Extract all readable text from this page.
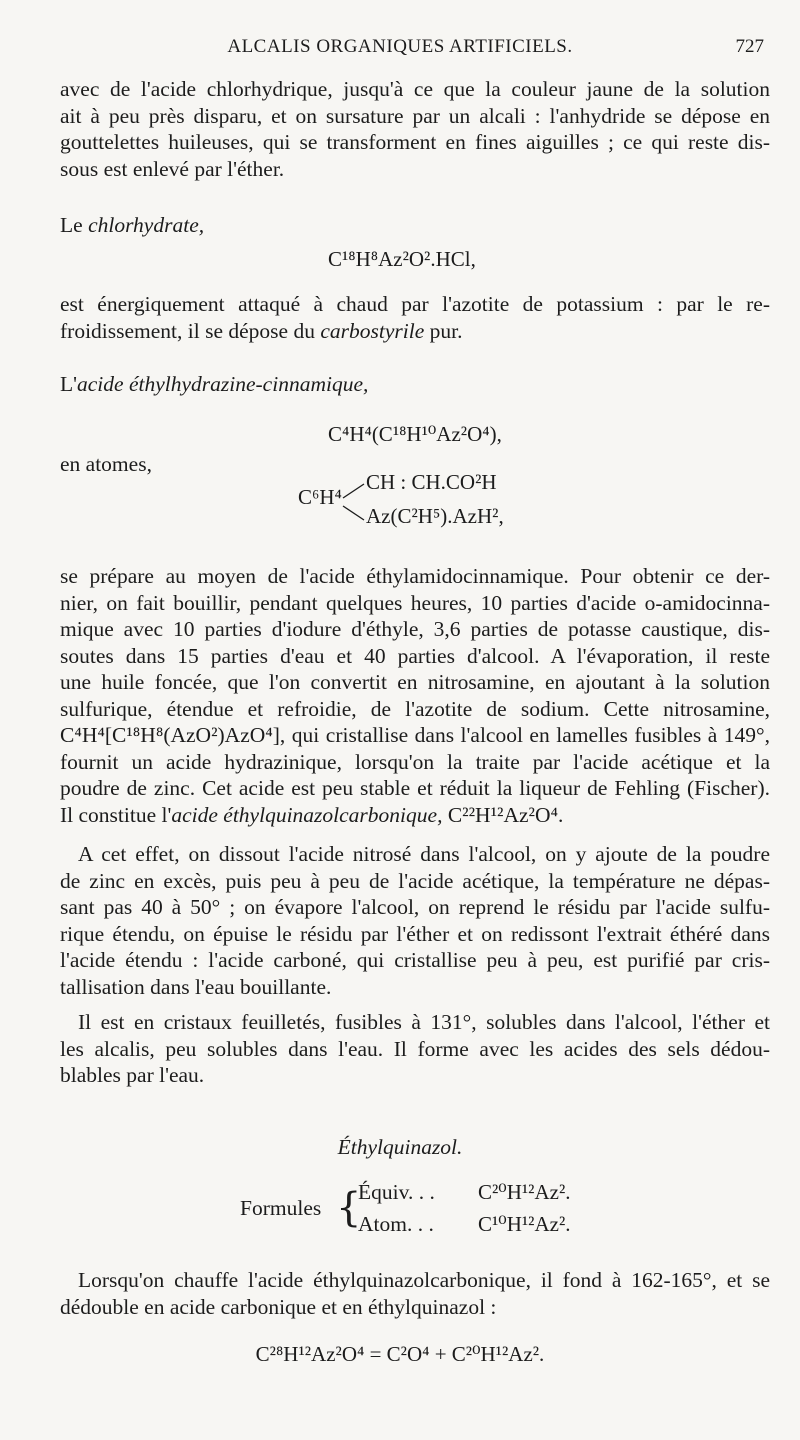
ALCALIS ORGANIQUES ARTIFICIELS.	727
avec de l'acide chlorhydrique, jusqu'à ce que la couleur jaune de la solution
ait à peu près disparu, et on sursature par un alcali : l'anhydride se dépose en
gouttelettes huileuses, qui se transforment en fines aiguilles ; ce qui reste dis-
sous est enlevé par l'éther.
Le chlorhydrate,
C¹⁸H⁸Az²O².HCl,
est énergiquement attaqué à chaud par l'azotite de potassium : par le re-
froidissement, il se dépose du carbostyrile pur.
L'acide éthylhydrazine-cinnamique,
C⁴H⁴(C¹⁸H¹⁰Az²O⁴),
en atomes,
C⁶H⁴
CH : CH.CO²H
Az(C²H⁵).AzH²,
se prépare au moyen de l'acide éthylamidocinnamique. Pour obtenir ce der-
nier, on fait bouillir, pendant quelques heures, 10 parties d'acide o-amidocinna-
mique avec 10 parties d'iodure d'éthyle, 3,6 parties de potasse caustique, dis-
soutes dans 15 parties d'eau et 40 parties d'alcool. A l'évaporation, il reste
une huile foncée, que l'on convertit en nitrosamine, en ajoutant à la solution
sulfurique, étendue et refroidie, de l'azotite de sodium. Cette nitrosamine,
C⁴H⁴[C¹⁸H⁸(AzO²)AzO⁴], qui cristallise dans l'alcool en lamelles fusibles à 149°,
fournit un acide hydrazinique, lorsqu'on la traite par l'acide acétique et la
poudre de zinc. Cet acide est peu stable et réduit la liqueur de Fehling (Fischer).
Il constitue l'acide éthylquinazolcarbonique, C²²H¹²Az²O⁴.
A cet effet, on dissout l'acide nitrosé dans l'alcool, on y ajoute de la poudre
de zinc en excès, puis peu à peu de l'acide acétique, la température ne dépas-
sant pas 40 à 50° ; on évapore l'alcool, on reprend le résidu par l'acide sulfu-
rique étendu, on épuise le résidu par l'éther et on redissont l'extrait éthéré dans
l'acide étendu : l'acide carboné, qui cristallise peu à peu, est purifié par cris-
tallisation dans l'eau bouillante.
Il est en cristaux feuilletés, fusibles à 131°, solubles dans l'alcool, l'éther et
les alcalis, peu solubles dans l'eau. Il forme avec les acides des sels dédou-
blables par l'eau.
Éthylquinazol.
Formules {
Équiv. . . C²⁰H¹²Az².
Atom. . . C¹⁰H¹²Az².
Lorsqu'on chauffe l'acide éthylquinazolcarbonique, il fond à 162-165°, et se
dédouble en acide carbonique et en éthylquinazol :
C²⁸H¹²Az²O⁴ = C²O⁴ + C²⁰H¹²Az².
